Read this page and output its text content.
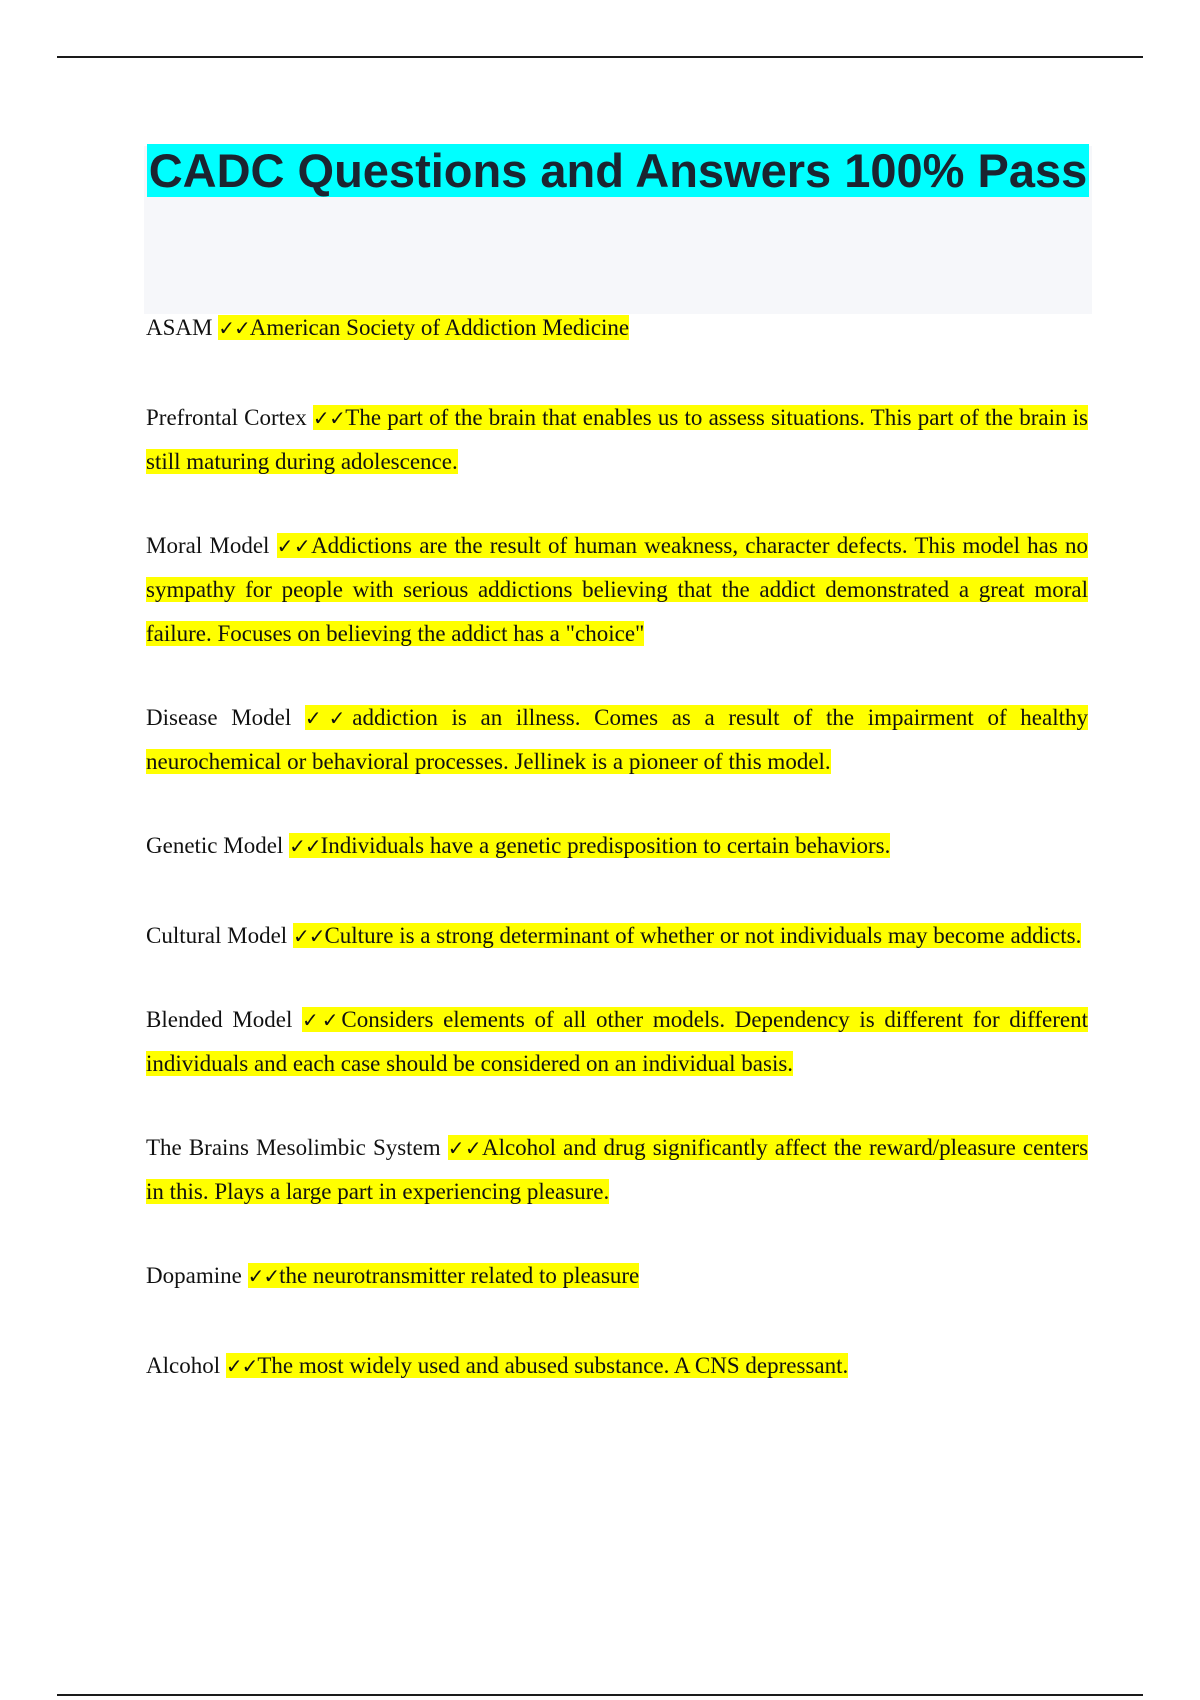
CADC Questions and Answers 100% Pass

ASAM ✓✓American Society of Addiction Medicine

Prefrontal Cortex ✓✓The part of the brain that enables us to assess situations. This part of the brain is still maturing during adolescence.

Moral Model ✓✓Addictions are the result of human weakness, character defects. This model has no sympathy for people with serious addictions believing that the addict demonstrated a great moral failure. Focuses on believing the addict has a "choice"

Disease Model ✓✓addiction is an illness. Comes as a result of the impairment of healthy neurochemical or behavioral processes. Jellinek is a pioneer of this model.

Genetic Model ✓✓Individuals have a genetic predisposition to certain behaviors.

Cultural Model ✓✓Culture is a strong determinant of whether or not individuals may become addicts.

Blended Model ✓✓Considers elements of all other models. Dependency is different for different individuals and each case should be considered on an individual basis.

The Brains Mesolimbic System ✓✓Alcohol and drug significantly affect the reward/pleasure centers in this. Plays a large part in experiencing pleasure.

Dopamine ✓✓the neurotransmitter related to pleasure

Alcohol ✓✓The most widely used and abused substance. A CNS depressant.
